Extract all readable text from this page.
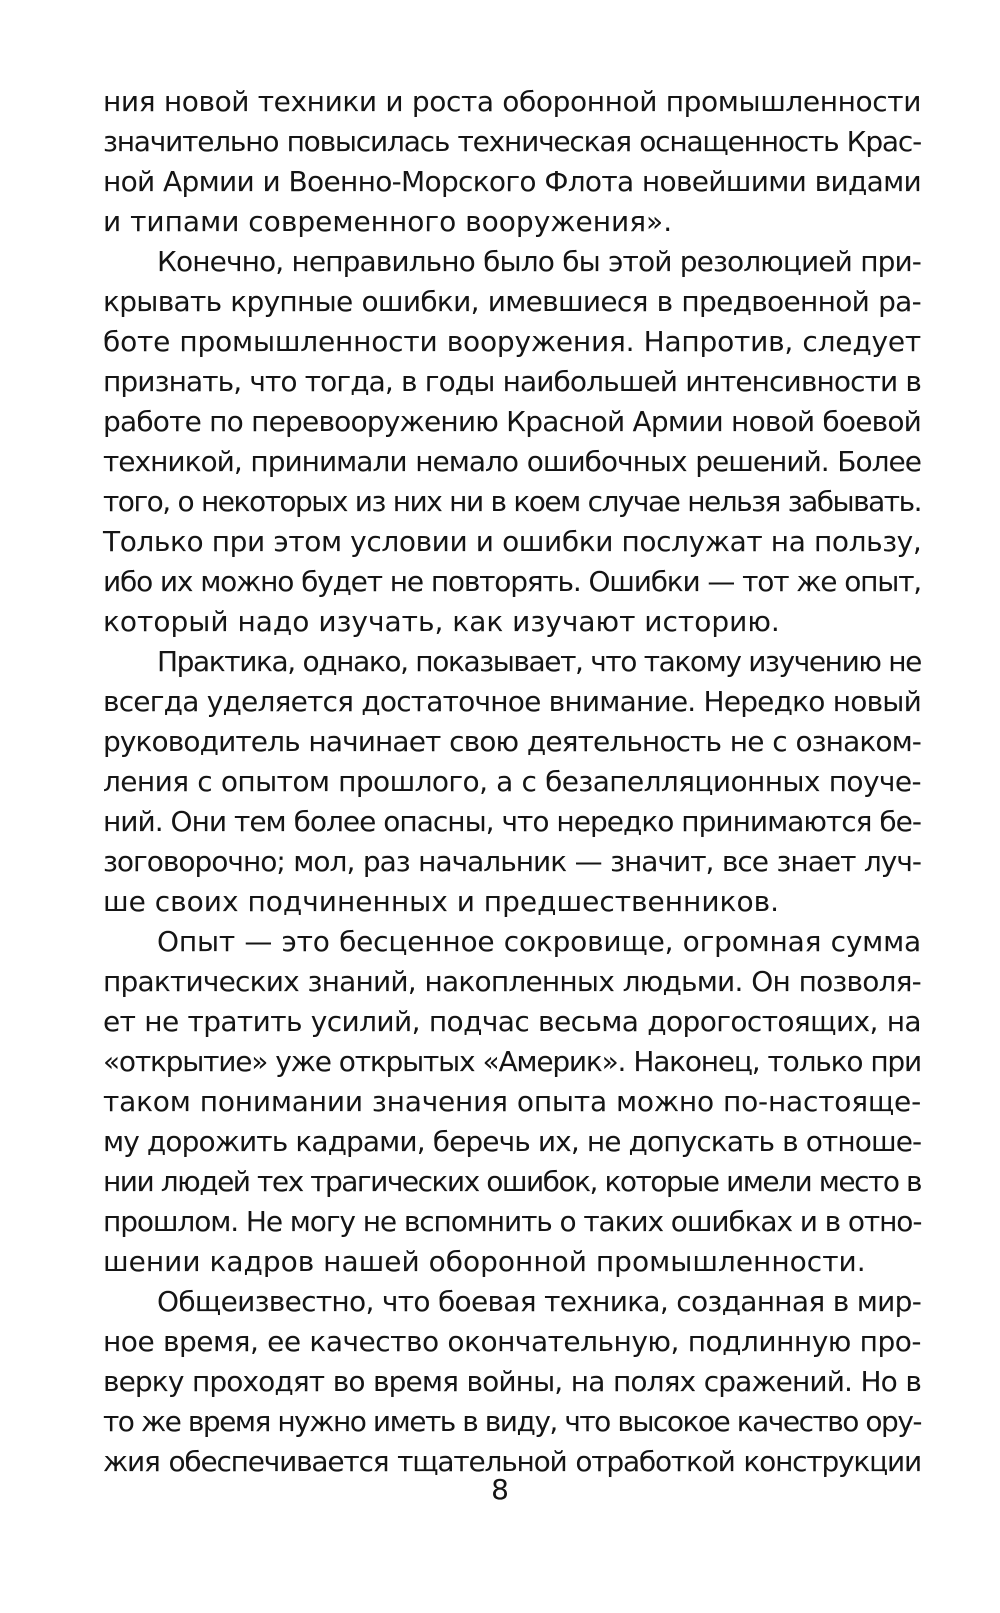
ния новой техники и роста оборонной промышленности
значительно повысилась техническая оснащенность Крас-
ной Армии и Военно-Морского Флота новейшими видами
и типами современного вооружения».
Конечно, неправильно было бы этой резолюцией при-
крывать крупные ошибки, имевшиеся в предвоенной ра-
боте промышленности вооружения. Напротив, следует
признать, что тогда, в годы наибольшей интенсивности в
работе по перевооружению Красной Армии новой боевой
техникой, принимали немало ошибочных решений. Более
того, о некоторых из них ни в коем случае нельзя забывать.
Только при этом условии и ошибки послужат на пользу,
ибо их можно будет не повторять. Ошибки — тот же опыт,
который надо изучать, как изучают историю.
Практика, однако, показывает, что такому изучению не
всегда уделяется достаточное внимание. Нередко новый
руководитель начинает свою деятельность не с ознаком-
ления с опытом прошлого, а с безапелляционных поуче-
ний. Они тем более опасны, что нередко принимаются бе-
зоговорочно; мол, раз начальник — значит, все знает луч-
ше своих подчиненных и предшественников.
Опыт — это бесценное сокровище, огромная сумма
практических знаний, накопленных людьми. Он позволя-
ет не тратить усилий, подчас весьма дорогостоящих, на
«открытие» уже открытых «Америк». Наконец, только при
таком понимании значения опыта можно по-настояще-
му дорожить кадрами, беречь их, не допускать в отноше-
нии людей тех трагических ошибок, которые имели место в
прошлом. Не могу не вспомнить о таких ошибках и в отно-
шении кадров нашей оборонной промышленности.
Общеизвестно, что боевая техника, созданная в мир-
ное время, ее качество окончательную, подлинную про-
верку проходят во время войны, на полях сражений. Но в
то же время нужно иметь в виду, что высокое качество ору-
жия обеспечивается тщательной отработкой конструкции
8
